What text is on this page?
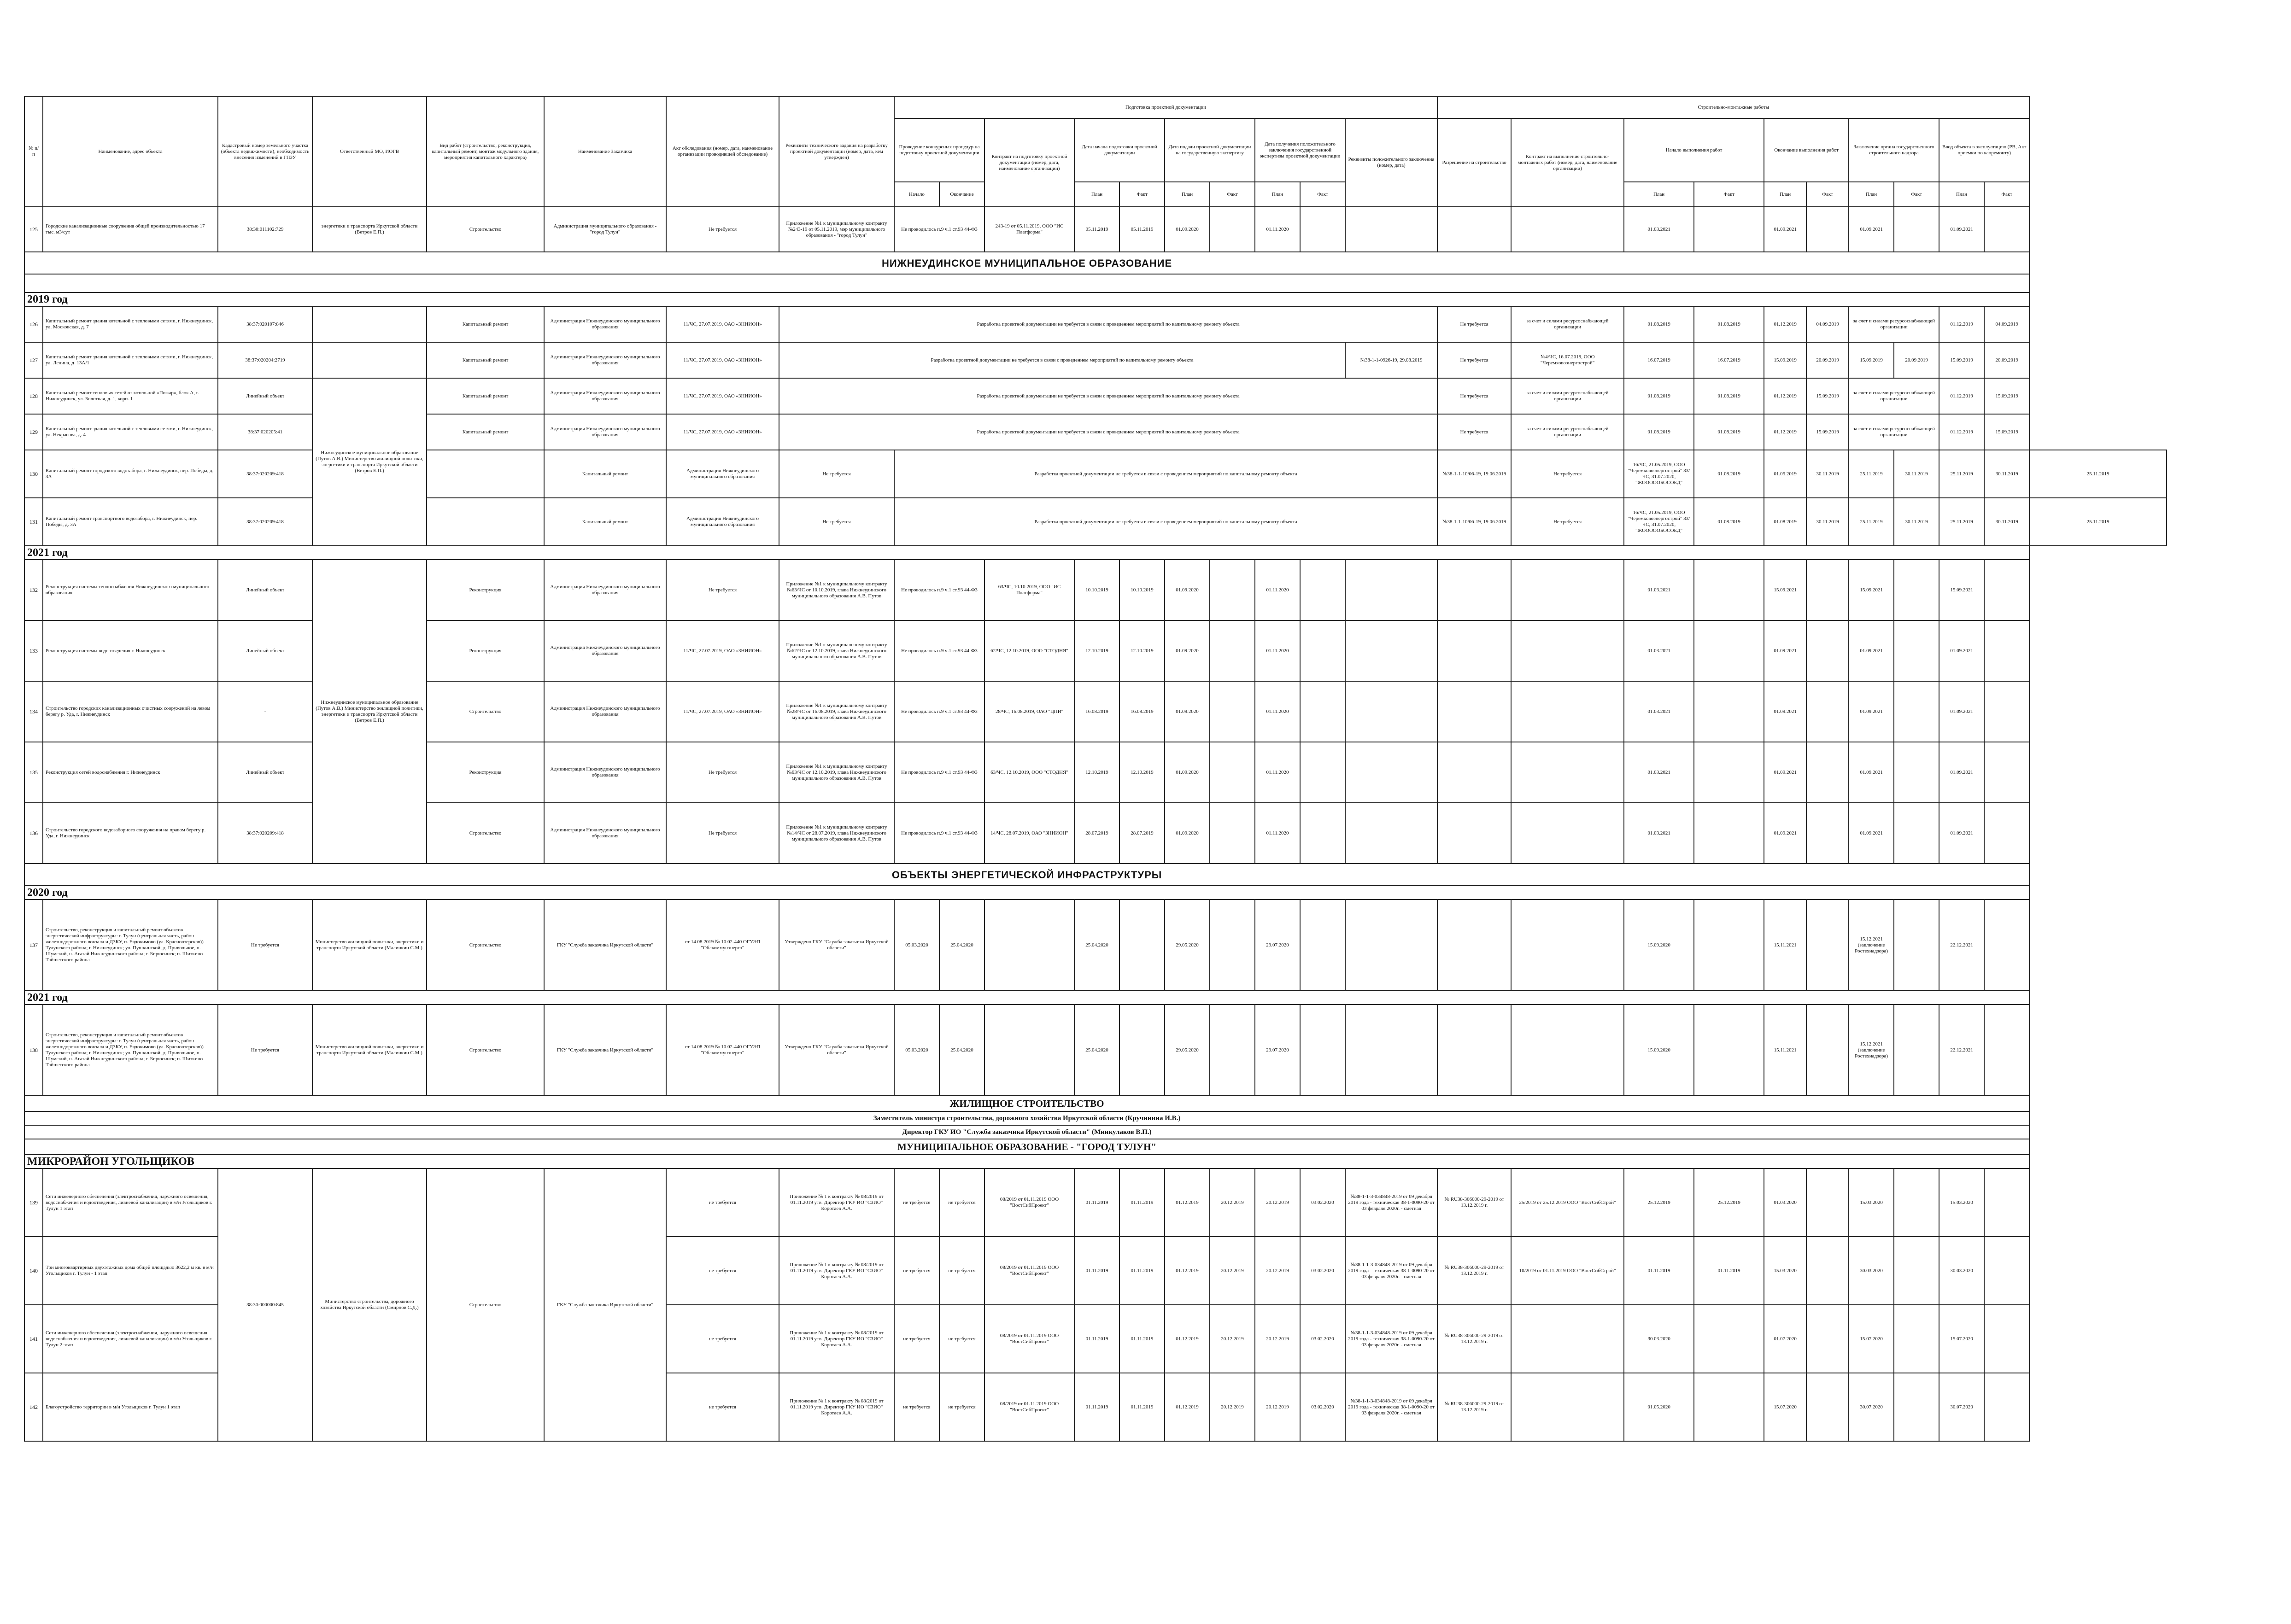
№ п/п	Наименование, адрес объекта	Кадастровый номер земельного участка (объекта недвижимости), необходимость внесения изменений в ГПЗУ	Ответственный МО, ИОГВ	Вид работ (строительство, реконструкция, капитальный ремонт, монтаж модульного здания, мероприятия капитального характера)	Наименование Заказчика	Акт обследования (номер, дата, наименование организации проводившей обследование)	Реквизиты технического задания на разработку проектной документации (номер, дата, кем утвержден)	Подготовка проектной документации										Строительно-монтажные работы										
								Проведение конкурсных процедур на подготовку проектной документации		Контракт на подготовку проектной документации (номер, дата, наименование организации)	Дата начала подготовки проектной документации		Дата подачи проектной документации на государственную экспертизу		Дата получения положительного заключения государственной экспертизы проектной документации		Реквизиты положительного заключения (номер, дата)	Разрешение на строительство	Контракт на выполнение строительно-монтажных работ (номер, дата, наименование организации)	Начало выполнения работ		Окончание выполнения работ		Заключение органа государственного строительного надзора		Ввод объекта в эксплуатацию (РВ, Акт приемки по капремонту)		
								Начало	Окончание		План	Факт	План	Факт	План	Факт				План	Факт	План	Факт	План	Факт	План	Факт	
125	Городские канализационные сооружения общей производительностью 17 тыс. м3/сут	38:30:011102:729	энергетики и транспорта Иркутской области (Ветров Е.П.)	Строительство	Администрация муниципального образования - "город Тулун"	Не требуется	Приложение №1 к муниципальному контракту №243-19 от 05.11.2019, мэр муниципального образования - "город Тулун"	Не проводилось п.9 ч.1 ст.93 44-ФЗ		243-19 от 05.11.2019, ООО "ИС Платформа"	05.11.2019	05.11.2019	01.09.2020		01.11.2020					01.03.2021		01.09.2021		01.09.2021		01.09.2021		
НИЖНЕУДИНСКОЕ МУНИЦИПАЛЬНОЕ ОБРАЗОВАНИЕ																												

2019 год																												
126	Капитальный ремонт здания котельной с тепловыми сетями, г. Нижнеудинск, ул. Московская, д. 7	38:37:020107:846		Капитальный ремонт	Администрация Нижнеудинского муниципального образования	11/ЧС, 27.07.2019, ОАО «ЗНИИОН»	Разработка проектной документации не требуется в связи с проведением мероприятий по капитальному ремонту объекта											Не требуется	за счет и силами ресурсоснабжающей организации	01.08.2019	01.08.2019	01.12.2019	04.09.2019	за счет и силами ресурсоснабжающей организации		01.12.2019	04.09.2019	
127	Капитальный ремонт здания котельной с тепловыми сетями, г. Нижнеудинск, ул. Ленина, д. 13А/1	38:37:020204:2719		Капитальный ремонт	Администрация Нижнеудинского муниципального образования	11/ЧС, 27.07.2019, ОАО «ЗНИИОН»	Разработка проектной документации не требуется в связи с проведением мероприятий по капитальному ремонту объекта										№38-1-1-0926-19, 29.08.2019	Не требуется	№4/ЧС, 16.07.2019, ООО "Черемховоэнергострой"	16.07.2019	16.07.2019	15.09.2019	20.09.2019	15.09.2019	20.09.2019	15.09.2019	20.09.2019	
128	Капитальный ремонт тепловых сетей от котельной «Пожар», блок А, г. Нижнеудинск, ул. Болотная, д. 1, корп. 1	Линейный объект	Нижнеудинское муниципальное образование (Путов А.В.) Министерство жилищной политики, энергетики и транспорта Иркутской области (Ветров Е.П.)	Капитальный ремонт	Администрация Нижнеудинского муниципального образования	11/ЧС, 27.07.2019, ОАО «ЗНИИОН»	Разработка проектной документации не требуется в связи с проведением мероприятий по капитальному ремонту объекта											Не требуется	за счет и силами ресурсоснабжающей организации	01.08.2019	01.08.2019	01.12.2019	15.09.2019	за счет и силами ресурсоснабжающей организации		01.12.2019	15.09.2019	
129	Капитальный ремонт здания котельной с тепловыми сетями, г. Нижнеудинск, ул. Некрасова, д. 4	38:37:020205:41		Капитальный ремонт	Администрация Нижнеудинского муниципального образования	11/ЧС, 27.07.2019, ОАО «ЗНИИОН»	Разработка проектной документации не требуется в связи с проведением мероприятий по капитальному ремонту объекта											Не требуется	за счет и силами ресурсоснабжающей организации	01.08.2019	01.08.2019	01.12.2019	15.09.2019	за счет и силами ресурсоснабжающей организации		01.12.2019	15.09.2019	
130	Капитальный ремонт городского водозабора, г. Нижнеудинск, пер. Победы, д. 3А	38:37:020209:418			Капитальный ремонт	Администрация Нижнеудинского муниципального образования	Не требуется	Разработка проектной документации не требуется в связи с проведением мероприятий по капитальному ремонту объекта										№38-1-1-10/06-19, 19.06.2019	Не требуется	16/ЧС, 21.05.2019, ООО "Черемховоэнергострой" 33/ЧС, 31.07.2020, "ЖОООООБОСОЕД"	01.08.2019	01.05.2019	30.11.2019	25.11.2019	30.11.2019	25.11.2019	30.11.2019	25.11.2019
131	Капитальный ремонт транспортного водозабора, г. Нижнеудинск, пер. Победы, д. 3А	38:37:020209:418			Капитальный ремонт	Администрация Нижнеудинского муниципального образования	Не требуется	Разработка проектной документации не требуется в связи с проведением мероприятий по капитальному ремонту объекта										№38-1-1-10/06-19, 19.06.2019	Не требуется	16/ЧС, 21.05.2019, ООО "Черемховоэнергострой" 33/ЧС, 31.07.2020, "ЖОООООБОСОЕД"	01.08.2019	01.08.2019	30.11.2019	25.11.2019	30.11.2019	25.11.2019	30.11.2019	25.11.2019
2021 год																												
132	Реконструкция системы теплоснабжения Нижнеудинского муниципального образования	Линейный объект	Нижнеудинское муниципальное образование (Путов А.В.) Министерство жилищной политики, энергетики и транспорта Иркутской области (Ветров Е.П.)	Реконструкция	Администрация Нижнеудинского муниципального образования	Не требуется	Приложение №1 к муниципальному контракту №63/ЧС от 10.10.2019, глава Нижнеудинского муниципального образования А.В. Путов	Не проводилось п.9 ч.1 ст.93 44-ФЗ		63/ЧС, 10.10.2019, ООО "ИС Платформа"	10.10.2019	10.10.2019	01.09.2020		01.11.2020					01.03.2021		15.09.2021		15.09.2021		15.09.2021		
133	Реконструкция системы водоотведения г. Нижнеудинск	Линейный объект		Реконструкция	Администрация Нижнеудинского муниципального образования	11/ЧС, 27.07.2019, ОАО «ЗНИИОН»	Приложение №1 к муниципальному контракту №62/ЧС от 12.10.2019, глава Нижнеудинского муниципального образования А.В. Путов	Не проводилось п.9 ч.1 ст.93 44-ФЗ		62/ЧС, 12.10.2019, ООО "СТОДНЯ"	12.10.2019	12.10.2019	01.09.2020		01.11.2020					01.03.2021		01.09.2021		01.09.2021		01.09.2021		
134	Строительство городских канализационных очистных сооружений на левом берегу р. Уда, г. Нижнеудинск	-		Строительство	Администрация Нижнеудинского муниципального образования	11/ЧС, 27.07.2019, ОАО «ЗНИИОН»	Приложение №1 к муниципальному контракту №28/ЧС от 16.08.2019, глава Нижнеудинского муниципального образования А.В. Путов	Не проводилось п.9 ч.1 ст.93 44-ФЗ		28/ЧС, 16.08.2019, ОАО "ЦПИ"	16.08.2019	16.08.2019	01.09.2020		01.11.2020					01.03.2021		01.09.2021		01.09.2021		01.09.2021		
135	Реконструкция сетей водоснабжения г. Нижнеудинск	Линейный объект		Реконструкция	Администрация Нижнеудинского муниципального образования	Не требуется	Приложение №1 к муниципальному контракту №63/ЧС от 12.10.2019, глава Нижнеудинского муниципального образования А.В. Путов	Не проводилось п.9 ч.1 ст.93 44-ФЗ		63/ЧС, 12.10.2019, ООО "СТОДНЯ"	12.10.2019	12.10.2019	01.09.2020		01.11.2020					01.03.2021		01.09.2021		01.09.2021		01.09.2021		
136	Строительство городского водозаборного сооружения на правом берегу р. Уда, г. Нижнеудинск	38:37:020209:418		Строительство	Администрация Нижнеудинского муниципального образования	Не требуется	Приложение №1 к муниципальному контракту №14/ЧС от 28.07.2019, глава Нижнеудинского муниципального образования А.В. Путов	Не проводилось п.9 ч.1 ст.93 44-ФЗ		14/ЧС, 28.07.2019, ОАО "ЗНИИОН"	28.07.2019	28.07.2019	01.09.2020		01.11.2020					01.03.2021		01.09.2021		01.09.2021		01.09.2021		
ОБЪЕКТЫ ЭНЕРГЕТИЧЕСКОЙ ИНФРАСТРУКТУРЫ																												
2020 год																												
137	Строительство, реконструкция и капитальный ремонт объектов энергетической инфраструктуры: г. Тулун (центральная часть, район железнодорожного вокзала и ДЗКУ, п. Евдокимово (ул. Красноозерская)) Тулунского района; г. Нижнеудинск; ул. Пушкинской, д. Привольное, п. Шумский, п. Агатай Нижнеудинского района; г. Бирюсинск; п. Шиткино Тайшетского района	Не требуется	Министерство жилищной политики, энергетики и транспорта Иркутской области (Малинкин С.М.)	Строительство	ГКУ "Служба заказчика Иркутской области"	от 14.08.2019 № 10.02-440 ОГУЭП "Облкоммунэнерго"	Утверждено ГКУ "Служба заказчика Иркутской области"	05.03.2020	25.04.2020		25.04.2020		29.05.2020		29.07.2020					15.09.2020		15.11.2021		15.12.2021 (заключение Ростехнадзора)		22.12.2021		
2021 год																												
138	Строительство, реконструкция и капитальный ремонт объектов энергетической инфраструктуры: г. Тулун (центральная часть, район железнодорожного вокзала и ДЗКУ, п. Евдокимово (ул. Красноозерская)) Тулунского района; г. Нижнеудинск; ул. Пушкинской, д. Привольное, п. Шумский, п. Агатай Нижнеудинского района; г. Бирюсинск; п. Шиткино Тайшетского района	Не требуется	Министерство жилищной политики, энергетики и транспорта Иркутской области (Малинкин С.М.)	Строительство	ГКУ "Служба заказчика Иркутской области"	от 14.08.2019 № 10.02-440 ОГУЭП "Облкоммунэнерго"	Утверждено ГКУ "Служба заказчика Иркутской области"	05.03.2020	25.04.2020		25.04.2020		29.05.2020		29.07.2020					15.09.2020		15.11.2021		15.12.2021 (заключение Ростехнадзора)		22.12.2021		
ЖИЛИЩНОЕ СТРОИТЕЛЬСТВО																												
Заместитель министра строительства, дорожного хозяйства Иркутской области (Кручинина И.В.)																												
Директор ГКУ ИО "Служба заказчика Иркутской области" (Минкулаков В.П.)																												
МУНИЦИПАЛЬНОЕ ОБРАЗОВАНИЕ - "ГОРОД ТУЛУН"																												
МИКРОРАЙОН УГОЛЬЩИКОВ																												
139	Сети инженерного обеспечения (электроснабжения, наружного освещения, водоснабжения и водоотведения, ливневой канализации) в м/н Угольщиков г. Тулун 1 этап	38:30:000000:845	Министерство строительства, дорожного хозяйства Иркутской области (Смирнов С.Д.)	Строительство	ГКУ "Служба заказчика Иркутской области"	не требуется	Приложение № 1 к контракту № 08/2019 от 01.11.2019 утв. Директор ГКУ ИО "СЗИО" Коротаев А.А.	не требуется	не требуется	08/2019 от 01.11.2019 ООО "ВостСибПроект"	01.11.2019	01.11.2019	01.12.2019	20.12.2019	20.12.2019	03.02.2020	№38-1-1-3-034848-2019 от 09 декабря 2019 года - техническая 38-1-0090-20 от 03 февраля 2020г. - сметная	№ RU38-306000-29-2019 от 13.12.2019 г.	25/2019 от 25.12.2019 ООО "ВостСибСтрой"	25.12.2019	25.12.2019	01.03.2020		15.03.2020		15.03.2020		
140	Три многоквартирных двухэтажных дома общей площадью 3622,2 м кв. в м/н Угольщиков г. Тулун - 1 этап					не требуется	Приложение № 1 к контракту № 08/2019 от 01.11.2019 утв. Директор ГКУ ИО "СЗИО" Коротаев А.А.	не требуется	не требуется	08/2019 от 01.11.2019 ООО "ВостСибПроект"	01.11.2019	01.11.2019	01.12.2019	20.12.2019	20.12.2019	03.02.2020	№38-1-1-3-034848-2019 от 09 декабря 2019 года - техническая 38-1-0090-20 от 03 февраля 2020г. - сметная	№ RU38-306000-29-2019 от 13.12.2019 г.	10/2019 от 01.11.2019 ООО "ВостСибСтрой"	01.11.2019	01.11.2019	15.03.2020		30.03.2020		30.03.2020		
141	Сети инженерного обеспечения (электроснабжения, наружного освещения, водоснабжения и водоотведения, ливневой канализации) в м/н Угольщиков г. Тулун 2 этап					не требуется	Приложение № 1 к контракту № 08/2019 от 01.11.2019 утв. Директор ГКУ ИО "СЗИО" Коротаев А.А.	не требуется	не требуется	08/2019 от 01.11.2019 ООО "ВостСибПроект"	01.11.2019	01.11.2019	01.12.2019	20.12.2019	20.12.2019	03.02.2020	№38-1-1-3-034848-2019 от 09 декабря 2019 года - техническая 38-1-0090-20 от 03 февраля 2020г. - сметная	№ RU38-306000-29-2019 от 13.12.2019 г.		30.03.2020		01.07.2020		15.07.2020		15.07.2020		
142	Благоустройство территории в м/н Угольщиков г. Тулун 1 этап					не требуется	Приложение № 1 к контракту № 08/2019 от 01.11.2019 утв. Директор ГКУ ИО "СЗИО" Коротаев А.А.	не требуется	не требуется	08/2019 от 01.11.2019 ООО "ВостСибПроект"	01.11.2019	01.11.2019	01.12.2019	20.12.2019	20.12.2019	03.02.2020	№38-1-1-3-034848-2019 от 09 декабря 2019 года - техническая 38-1-0090-20 от 03 февраля 2020г. - сметная	№ RU38-306000-29-2019 от 13.12.2019 г.		01.05.2020		15.07.2020		30.07.2020		30.07.2020		
